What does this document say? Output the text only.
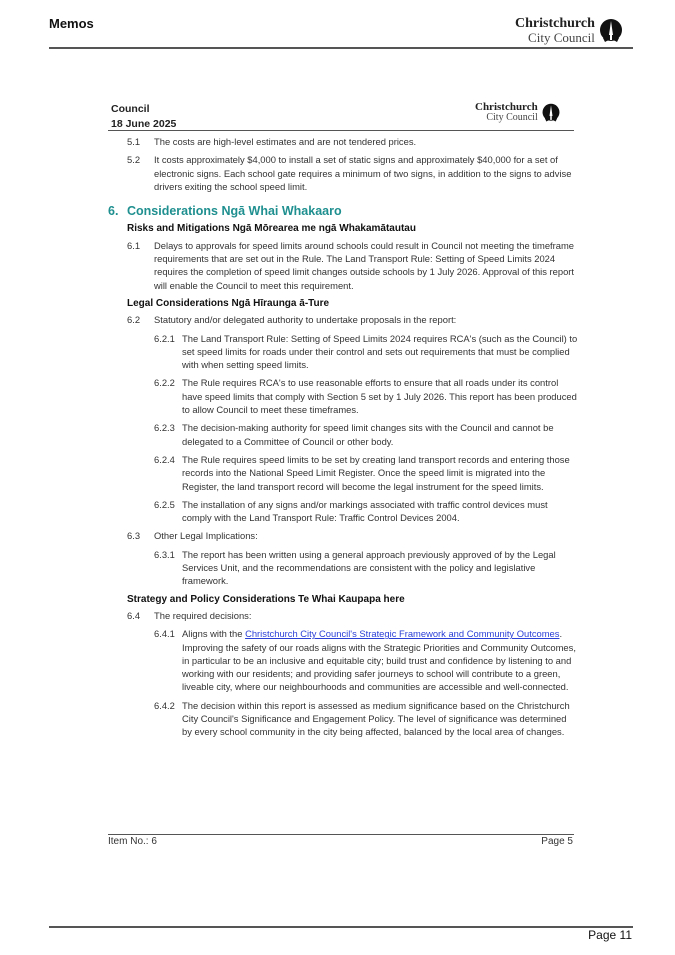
Memos	Christchurch
City Council
Council
18 June 2025
Christchurch
City Council
5.1	The costs are high-level estimates and are not tendered prices.
5.2	It costs approximately $4,000 to install a set of static signs and approximately $40,000 for a set of electronic signs. Each school gate requires a minimum of two signs, in addition to the signs to advise drivers exiting the school speed limit.
6. Considerations Ngā Whai Whakaaro
Risks and Mitigations Ngā Mōrearea me ngā Whakamātautau
6.1	Delays to approvals for speed limits around schools could result in Council not meeting the timeframe requirements that are set out in the Rule. The Land Transport Rule: Setting of Speed Limits 2024 requires the completion of speed limit changes outside schools by 1 July 2026. Approval of this report will enable the Council to meet this requirement.
Legal Considerations Ngā Hīraunga ā-Ture
6.2	Statutory and/or delegated authority to undertake proposals in the report:
6.2.1 The Land Transport Rule: Setting of Speed Limits 2024 requires RCA's (such as the Council) to set speed limits for roads under their control and sets out requirements that must be complied with when setting speed limits.
6.2.2 The Rule requires RCA's to use reasonable efforts to ensure that all roads under its control have speed limits that comply with Section 5 set by 1 July 2026. This report has been produced to allow Council to meet these timeframes.
6.2.3 The decision-making authority for speed limit changes sits with the Council and cannot be delegated to a Committee of Council or other body.
6.2.4 The Rule requires speed limits to be set by creating land transport records and entering those records into the National Speed Limit Register. Once the speed limit is migrated into the Register, the land transport record will become the legal instrument for the speed limits.
6.2.5 The installation of any signs and/or markings associated with traffic control devices must comply with the Land Transport Rule: Traffic Control Devices 2004.
6.3	Other Legal Implications:
6.3.1 The report has been written using a general approach previously approved of by the Legal Services Unit, and the recommendations are consistent with the policy and legislative framework.
Strategy and Policy Considerations Te Whai Kaupapa here
6.4	The required decisions:
6.4.1 Aligns with the Christchurch City Council's Strategic Framework and Community Outcomes. Improving the safety of our roads aligns with the Strategic Priorities and Community Outcomes, in particular to be an inclusive and equitable city; build trust and confidence by listening to and working with our residents; and providing safer journeys to school will contribute to a green, liveable city, where our neighbourhoods and communities are accessible and well-connected.
6.4.2 The decision within this report is assessed as medium significance based on the Christchurch City Council's Significance and Engagement Policy. The level of significance was determined by every school community in the city being affected, balanced by the local area of changes.
Item No.: 6	Page 5
Page 11
